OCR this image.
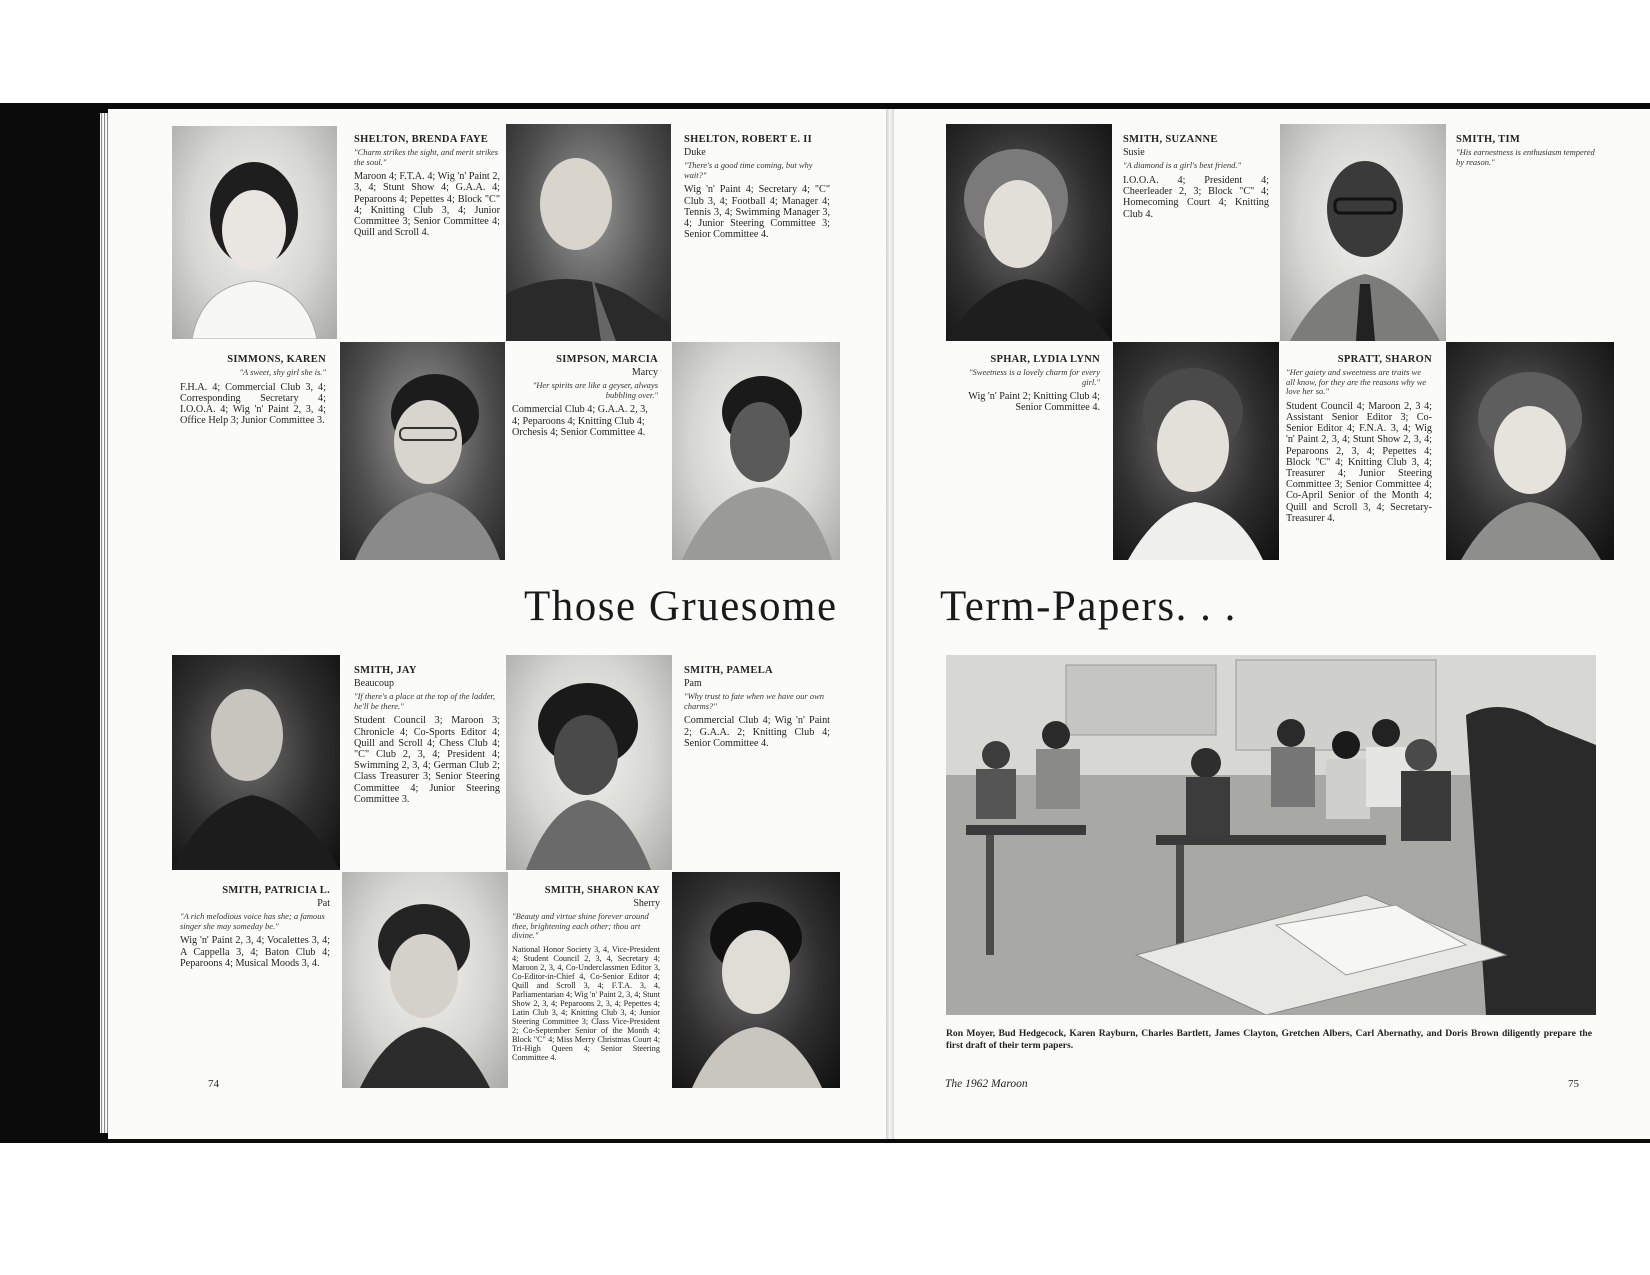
SHELTON, BRENDA FAYE
"Charm strikes the sight, and merit strikes the soul."
Maroon 4; F.T.A. 4; Wig 'n' Paint 2, 3, 4; Stunt Show 4; G.A.A. 4; Peparoons 4; Pepettes 4; Block "C" 4; Knitting Club 3, 4; Junior Committee 3; Senior Committee 4; Quill and Scroll 4.
SHELTON, ROBERT E. II
Duke
"There's a good time coming, but why wait?"
Wig 'n' Paint 4; Secretary 4; "C" Club 3, 4; Football 4; Manager 4; Tennis 3, 4; Swimming Manager 3, 4; Junior Steering Committee 3; Senior Committee 4.
SIMMONS, KAREN
"A sweet, shy girl she is."
F.H.A. 4; Commercial Club 3, 4; Corresponding Secretary 4; I.O.O.A. 4; Wig 'n' Paint 2, 3, 4; Office Help 3; Junior Committee 3.
SIMPSON, MARCIA
Marcy
"Her spirits are like a geyser, always bubbling over."
Commercial Club 4; G.A.A. 2, 3, 4; Peparoons 4; Knitting Club 4; Orchesis 4; Senior Committee 4.
Those Gruesome
SMITH, JAY
Beaucoup
"If there's a place at the top of the ladder, he'll be there."
Student Council 3; Maroon 3; Chronicle 4; Co-Sports Editor 4; Quill and Scroll 4; Chess Club 4; "C" Club 2, 3, 4; President 4; Swimming 2, 3, 4; German Club 2; Class Treasurer 3; Senior Steering Committee 4; Junior Steering Committee 3.
SMITH, PAMELA
Pam
"Why trust to fate when we have our own charms?"
Commercial Club 4; Wig 'n' Paint 2; G.A.A. 2; Knitting Club 4; Senior Committee 4.
SMITH, PATRICIA L.
Pat
"A rich melodious voice has she; a famous singer she may someday be."
Wig 'n' Paint 2, 3, 4; Vocalettes 3, 4; A Cappella 3, 4; Baton Club 4; Peparoons 4; Musical Moods 3, 4.
SMITH, SHARON KAY
Sherry
"Beauty and virtue shine forever around thee, brightening each other; thou art divine."
National Honor Society 3, 4, Vice-President 4; Student Council 2, 3, 4, Secretary 4; Maroon 2, 3, 4, Co-Underclassmen Editor 3, Co-Editor-in-Chief 4, Co-Senior Editor 4; Quill and Scroll 3, 4; F.T.A. 3, 4, Parliamentarian 4; Wig 'n' Paint 2, 3, 4; Stunt Show 2, 3, 4; Peparoons 2, 3, 4; Pepettes 4; Latin Club 3, 4; Knitting Club 3, 4; Junior Steering Committee 3; Class Vice-President 2; Co-September Senior of the Month 4; Block "C" 4; Miss Merry Christmas Court 4; Tri-High Queen 4; Senior Steering Committee 4.
74
SMITH, SUZANNE
Susie
"A diamond is a girl's best friend."
I.O.O.A. 4; President 4; Cheerleader 2, 3; Block "C" 4; Homecoming Court 4; Knitting Club 4.
SMITH, TIM
"His earnestness is enthusiasm tempered by reason."
SPHAR, LYDIA LYNN
"Sweetness is a lovely charm for every girl."
Wig 'n' Paint 2; Knitting Club 4; Senior Committee 4.
SPRATT, SHARON
"Her gaiety and sweetness are traits we all know, for they are the reasons why we love her so."
Student Council 4; Maroon 2, 3 4; Assistant Senior Editor 3; Co-Senior Editor 4; F.N.A. 3, 4; Wig 'n' Paint 2, 3, 4; Stunt Show 2, 3, 4; Peparoons 2, 3, 4; Pepettes 4; Block "C" 4; Knitting Club 3, 4; Treasurer 4; Junior Steering Committee 3; Senior Committee 4; Co-April Senior of the Month 4; Quill and Scroll 3, 4; Secretary-Treasurer 4.
Term-Papers. . .
Ron Moyer, Bud Hedgecock, Karen Rayburn, Charles Bartlett, James Clayton, Gretchen Albers, Carl Abernathy, and Doris Brown diligently prepare the first draft of their term papers.
The 1962 Maroon	75
